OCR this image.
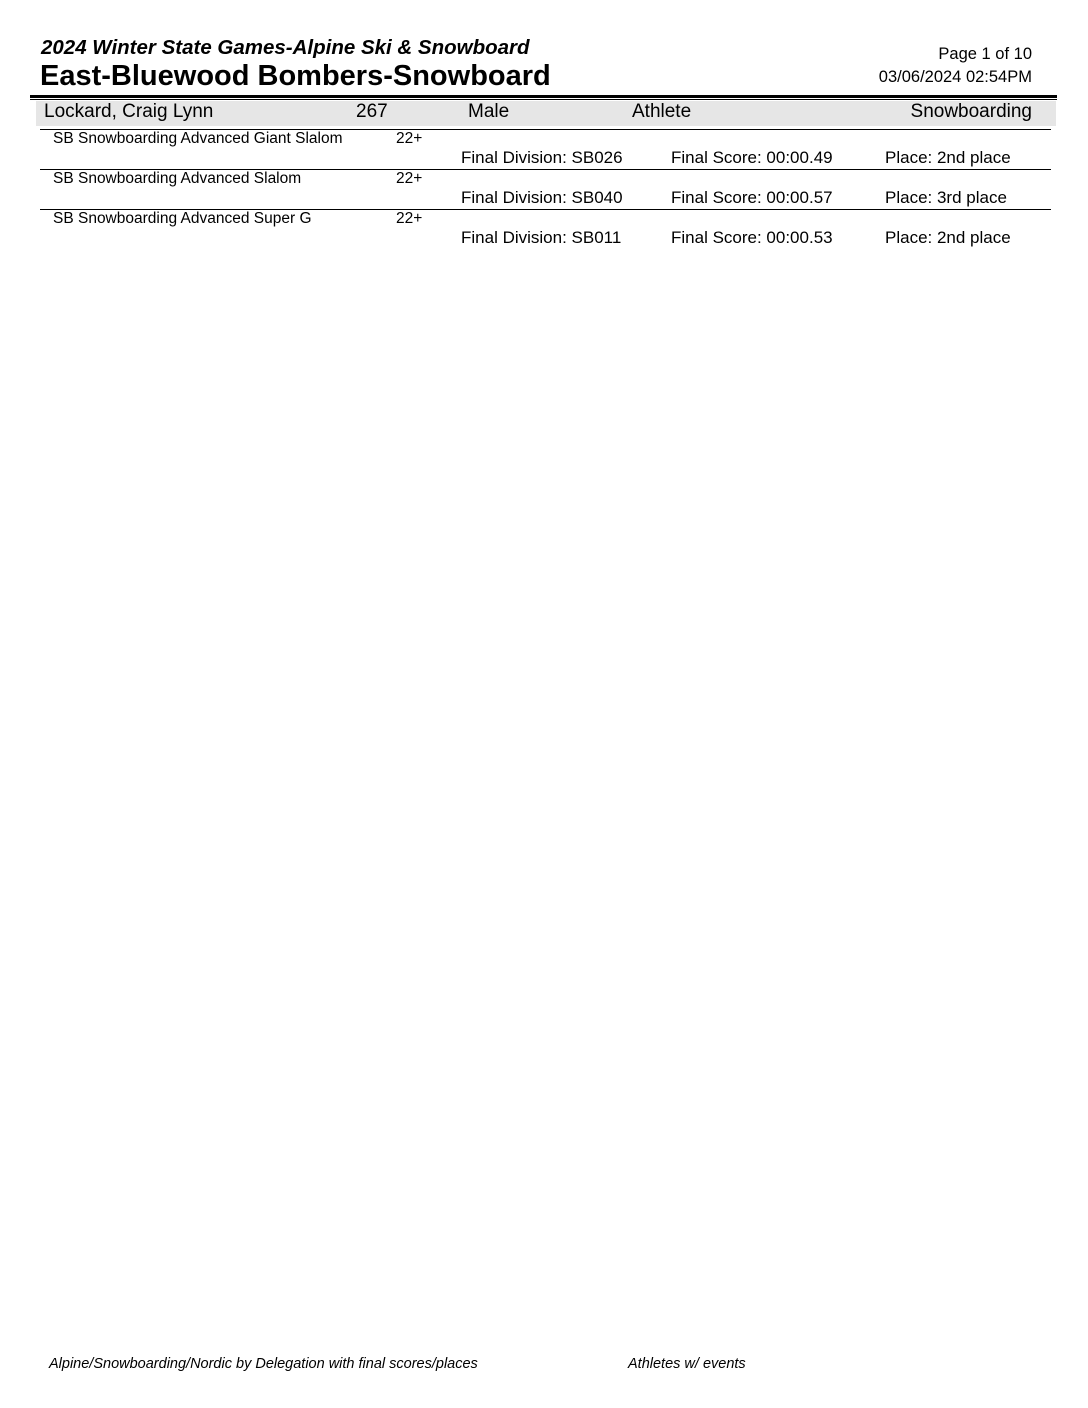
2024 Winter State Games-Alpine Ski & Snowboard
East-Bluewood Bombers-Snowboard
Page 1 of 10
03/06/2024 02:54PM
Lockard, Craig Lynn	267	Male	Athlete	Snowboarding
SB Snowboarding Advanced Giant Slalom	22+
Final Division: SB026	Final Score: 00:00.49	Place: 2nd place
SB Snowboarding Advanced Slalom	22+
Final Division: SB040	Final Score: 00:00.57	Place: 3rd place
SB Snowboarding Advanced Super G	22+
Final Division: SB011	Final Score: 00:00.53	Place: 2nd place
Alpine/Snowboarding/Nordic by Delegation with final scores/places	Athletes w/ events
